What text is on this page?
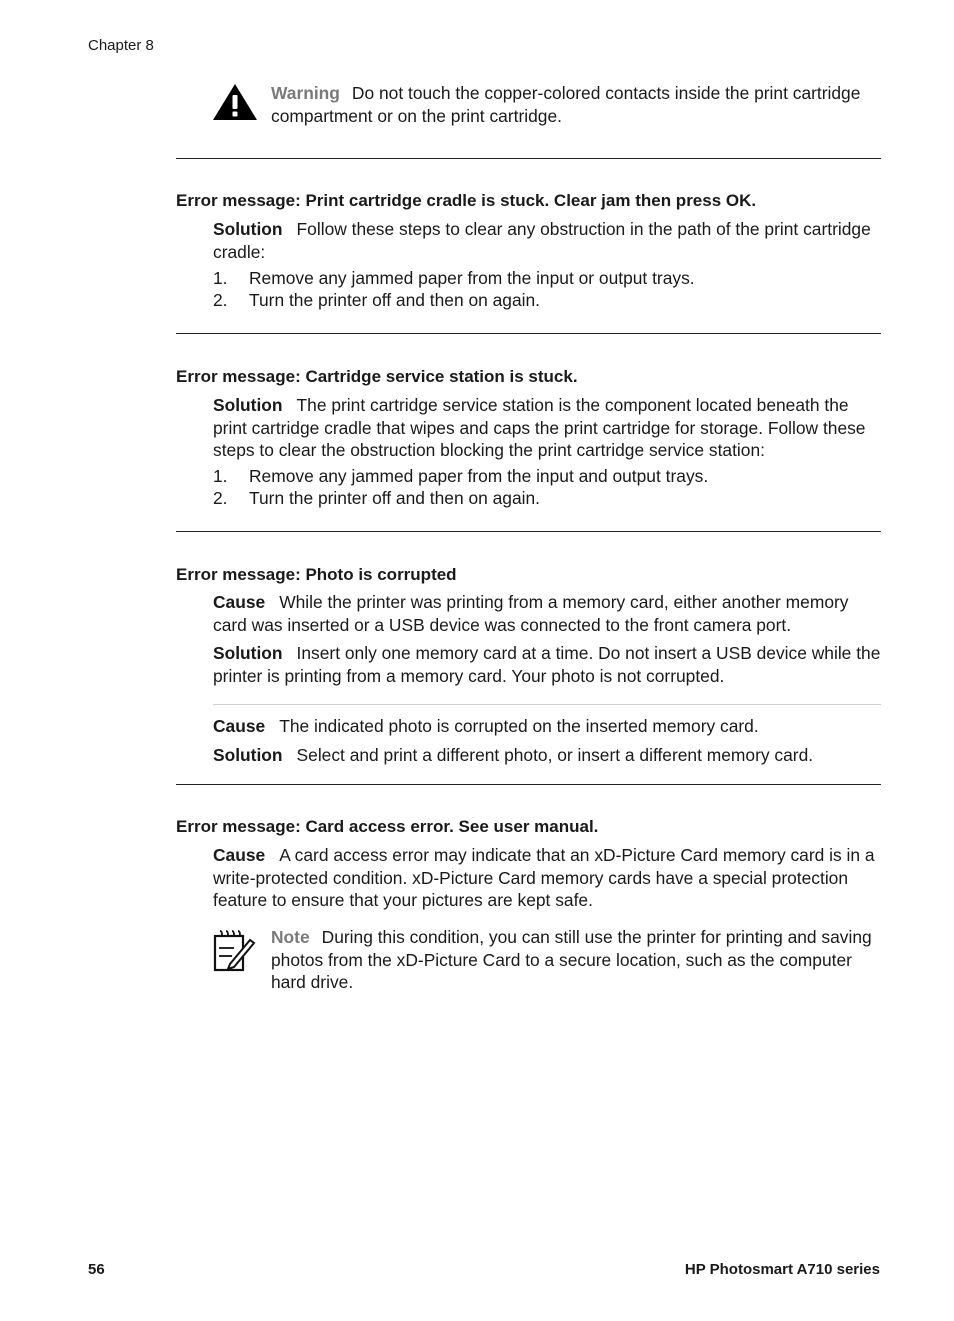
Chapter 8
Warning Do not touch the copper-colored contacts inside the print cartridge compartment or on the print cartridge.
Error message: Print cartridge cradle is stuck. Clear jam then press OK.
Solution Follow these steps to clear any obstruction in the path of the print cartridge cradle:
1. Remove any jammed paper from the input or output trays.
2. Turn the printer off and then on again.
Error message: Cartridge service station is stuck.
Solution The print cartridge service station is the component located beneath the print cartridge cradle that wipes and caps the print cartridge for storage. Follow these steps to clear the obstruction blocking the print cartridge service station:
1. Remove any jammed paper from the input and output trays.
2. Turn the printer off and then on again.
Error message: Photo is corrupted
Cause While the printer was printing from a memory card, either another memory card was inserted or a USB device was connected to the front camera port.
Solution Insert only one memory card at a time. Do not insert a USB device while the printer is printing from a memory card. Your photo is not corrupted.
Cause The indicated photo is corrupted on the inserted memory card.
Solution Select and print a different photo, or insert a different memory card.
Error message: Card access error. See user manual.
Cause A card access error may indicate that an xD-Picture Card memory card is in a write-protected condition. xD-Picture Card memory cards have a special protection feature to ensure that your pictures are kept safe.
Note During this condition, you can still use the printer for printing and saving photos from the xD-Picture Card to a secure location, such as the computer hard drive.
56	HP Photosmart A710 series
